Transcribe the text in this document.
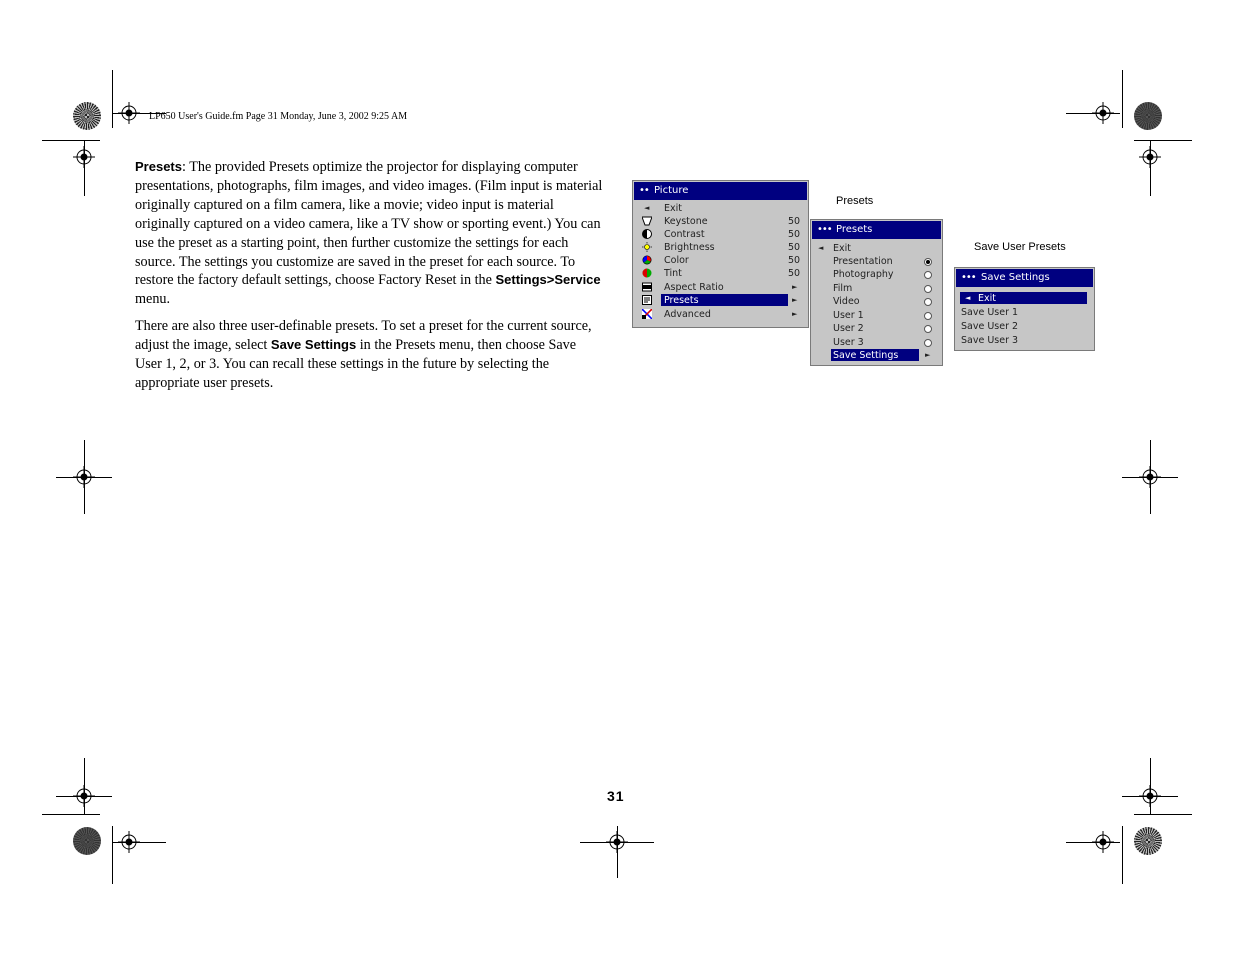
LP650 User's Guide.fm Page 31 Monday, June 3, 2002 9:25 AM
Presets: The provided Presets optimize the projector for displaying computer presentations, photographs, film images, and video images. (Film input is material originally captured on a film camera, like a movie; video input is material originally captured on a video camera, like a TV show or sporting event.) You can use the preset as a starting point, then further customize the settings for each source. The settings you customize are saved in the preset for each source. To restore the factory default settings, choose Factory Reset in the Settings>Service menu.
There are also three user-definable presets. To set a preset for the current source, adjust the image, select Save Settings in the Presets menu, then choose Save User 1, 2, or 3. You can recall these settings in the future by selecting the appropriate user presets.
Presets
Save User Presets
•• Picture
◄ Exit
Keystone	50
Contrast	50
Brightness	50
Color	50
Tint	50
Aspect Ratio	►
Presets	►
Advanced	►
••• Presets
◄ Exit
Presentation
Photography
Film
Video
User 1
User 2
User 3
Save Settings	►
••• Save Settings
◄ Exit
Save User 1
Save User 2
Save User 3
31
